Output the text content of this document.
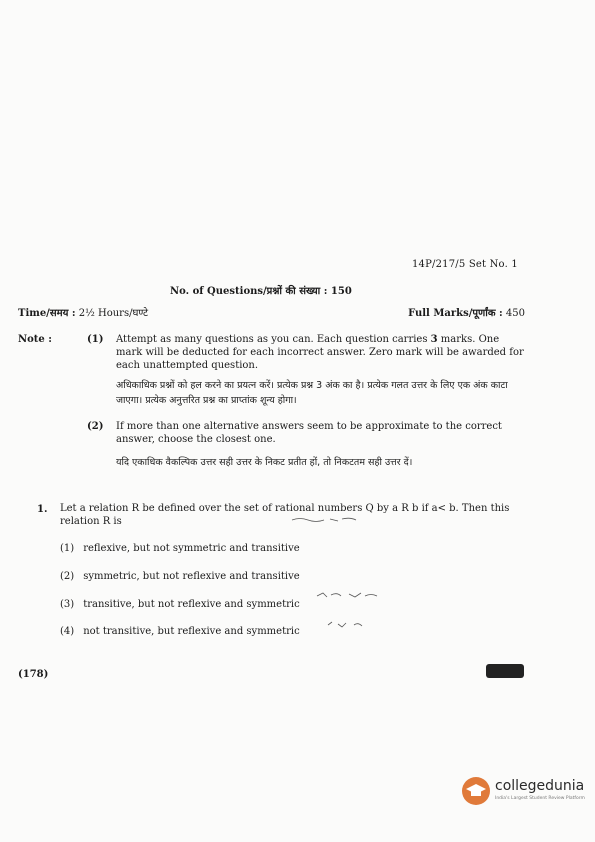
14P/217/5 Set No. 1
No. of Questions/प्रश्नों की संख्या : 150
Time/समय : 2½ Hours/घण्टे	Full Marks/पूर्णांक : 450
Note :	(1) Attempt as many questions as you can. Each question carries 3 marks. One mark will be deducted for each incorrect answer. Zero mark will be awarded for each unattempted question.
अधिकाधिक प्रश्नों को हल करने का प्रयत्न करें। प्रत्येक प्रश्न 3 अंक का है। प्रत्येक गलत उत्तर के लिए एक अंक काटा जाएगा। प्रत्येक अनुत्तरित प्रश्न का प्राप्तांक शून्य होगा।
(2) If more than one alternative answers seem to be approximate to the correct answer, choose the closest one.
यदि एकाधिक वैकल्पिक उत्तर सही उत्तर के निकट प्रतीत हों, तो निकटतम सही उत्तर दें।
1. Let a relation R be defined over the set of rational numbers Q by a R b if a< b. Then this relation R is
(1) reflexive, but not symmetric and transitive
(2) symmetric, but not reflexive and transitive
(3) transitive, but not reflexive and symmetric
(4) not transitive, but reflexive and symmetric
(178)
collegedunia
India's Largest Student Review Platform
